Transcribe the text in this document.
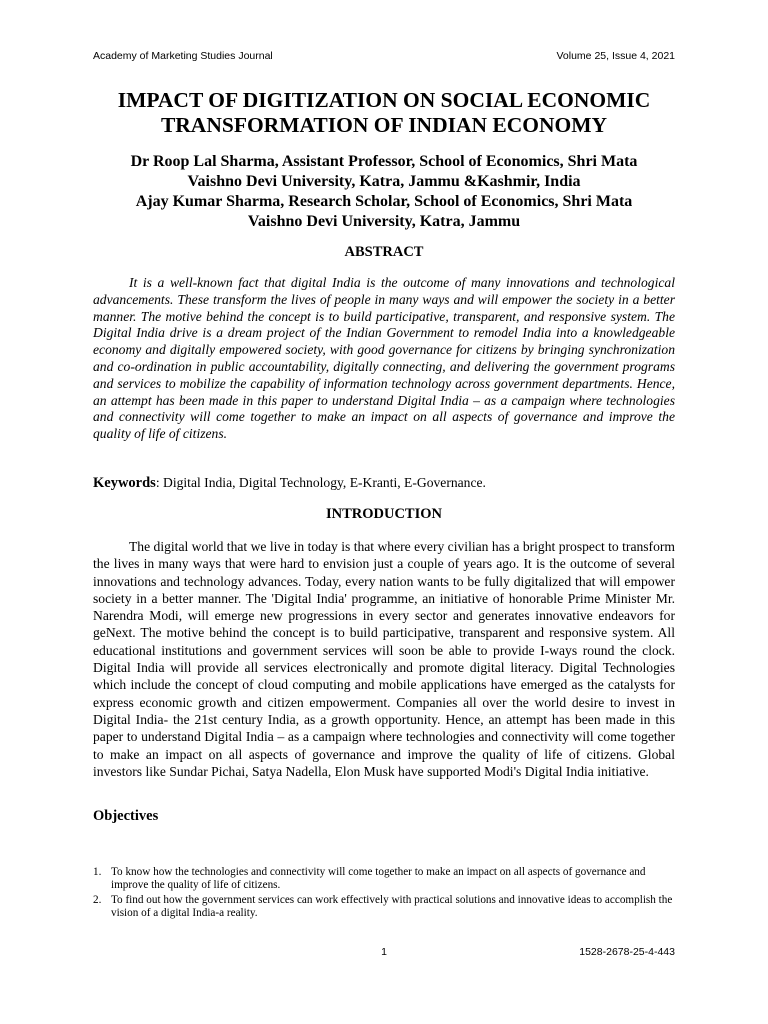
Academy of Marketing Studies Journal	Volume 25, Issue 4, 2021
IMPACT OF DIGITIZATION ON SOCIAL ECONOMIC
TRANSFORMATION OF INDIAN ECONOMY
Dr Roop Lal Sharma, Assistant Professor, School of Economics, Shri Mata
Vaishno Devi University, Katra, Jammu &Kashmir, India
Ajay Kumar Sharma, Research Scholar, School of Economics, Shri Mata
Vaishno Devi University, Katra, Jammu
ABSTRACT

It is a well-known fact that digital India is the outcome of many innovations and technological advancements. These transform the lives of people in many ways and will empower the society in a better manner. The motive behind the concept is to build participative, transparent, and responsive system. The Digital India drive is a dream project of the Indian Government to remodel India into a knowledgeable economy and digitally empowered society, with good governance for citizens by bringing synchronization and co-ordination in public accountability, digitally connecting, and delivering the government programs and services to mobilize the capability of information technology across government departments. Hence, an attempt has been made in this paper to understand Digital India – as a campaign where technologies and connectivity will come together to make an impact on all aspects of governance and improve the quality of life of citizens.

Keywords: Digital India, Digital Technology, E-Kranti, E-Governance.

INTRODUCTION

The digital world that we live in today is that where every civilian has a bright prospect to transform the lives in many ways that were hard to envision just a couple of years ago. It is the outcome of several innovations and technology advances. Today, every nation wants to be fully digitalized that will empower society in a better manner. The 'Digital India' programme, an initiative of honorable Prime Minister Mr. Narendra Modi, will emerge new progressions in every sector and generates innovative endeavors for geNext. The motive behind the concept is to build participative, transparent and responsive system. All educational institutions and government services will soon be able to provide I-ways round the clock. Digital India will provide all services electronically and promote digital literacy. Digital Technologies which include the concept of cloud computing and mobile applications have emerged as the catalysts for express economic growth and citizen empowerment. Companies all over the world desire to invest in Digital India- the 21st century India, as a growth opportunity. Hence, an attempt has been made in this paper to understand Digital India – as a campaign where technologies and connectivity will come together to make an impact on all aspects of governance and improve the quality of life of citizens. Global investors like Sundar Pichai, Satya Nadella, Elon Musk have supported Modi's Digital India initiative.

Objectives
1. To know how the technologies and connectivity will come together to make an impact on all aspects of governance and improve the quality of life of citizens.
2. To find out how the government services can work effectively with practical solutions and innovative ideas to accomplish the vision of a digital India-a reality.
1	1528-2678-25-4-443
